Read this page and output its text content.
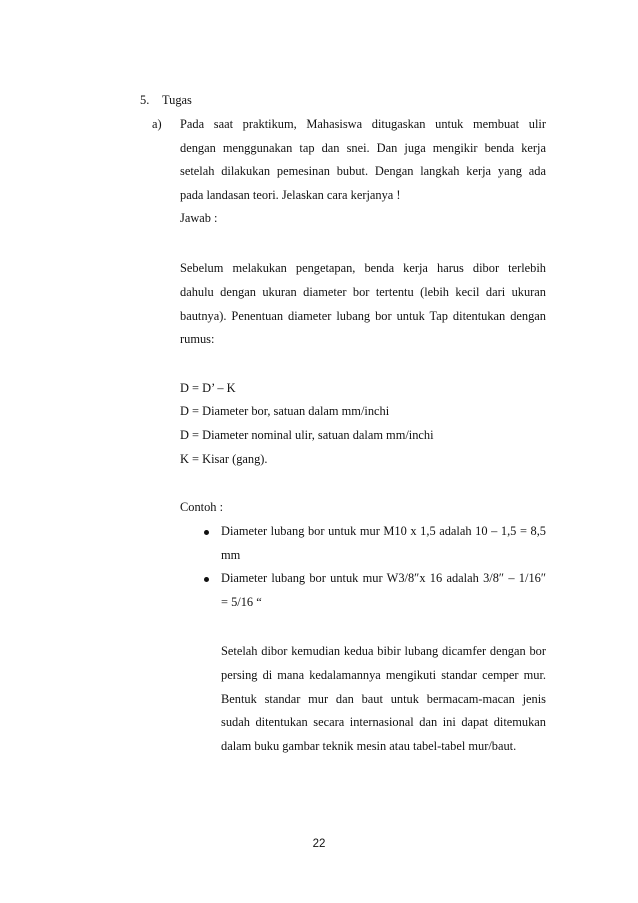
5. Tugas
a) Pada saat praktikum, Mahasiswa ditugaskan untuk membuat ulir
dengan menggunakan tap dan snei. Dan juga mengikir benda kerja
setelah dilakukan pemesinan bubut. Dengan langkah kerja yang ada
pada landasan teori. Jelaskan cara kerjanya !
Jawab :
Sebelum melakukan pengetapan, benda kerja harus dibor terlebih
dahulu dengan ukuran diameter bor tertentu (lebih kecil dari ukuran
bautnya). Penentuan diameter lubang bor untuk Tap ditentukan dengan
rumus:
D = D’ – K
D = Diameter bor, satuan dalam mm/inchi
D = Diameter nominal ulir, satuan dalam mm/inchi
K = Kisar (gang).
Contoh :
Diameter lubang bor untuk mur M10 x 1,5 adalah 10 – 1,5 = 8,5
mm
Diameter lubang bor untuk mur W3/8″x 16 adalah 3/8″ – 1/16″
= 5/16 “
Setelah dibor kemudian kedua bibir lubang dicamfer dengan bor
persing di mana kedalamannya mengikuti standar cemper mur.
Bentuk standar mur dan baut untuk bermacam-macan jenis
sudah ditentukan secara internasional dan ini dapat ditemukan
dalam buku gambar teknik mesin atau tabel-tabel mur/baut.
22
